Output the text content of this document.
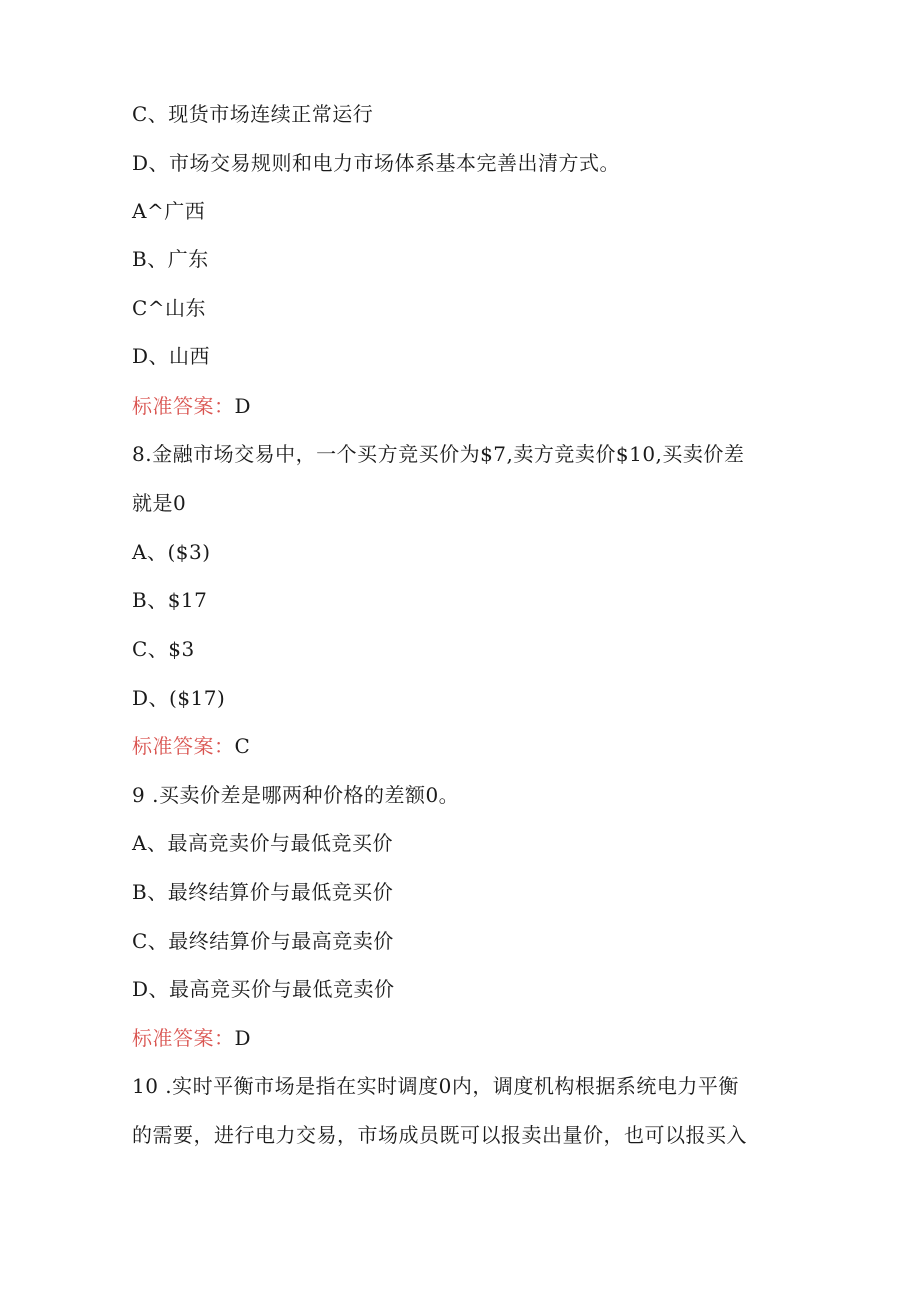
C、现货市场连续正常运行
D、市场交易规则和电力市场体系基本完善出清方式。
A^广西
B、广东
C^山东
D、山西
标准答案：D
8.金融市场交易中，一个买方竞买价为$7,卖方竞卖价$10,买卖价差
就是0
A、($3)
B、$17
C、$3
D、($17)
标准答案：C
9 .买卖价差是哪两种价格的差额0。
A、最高竞卖价与最低竞买价
B、最终结算价与最低竞买价
C、最终结算价与最高竞卖价
D、最高竞买价与最低竞卖价
标准答案：D
10 .实时平衡市场是指在实时调度0内，调度机构根据系统电力平衡
的需要，进行电力交易，市场成员既可以报卖出量价，也可以报买入
